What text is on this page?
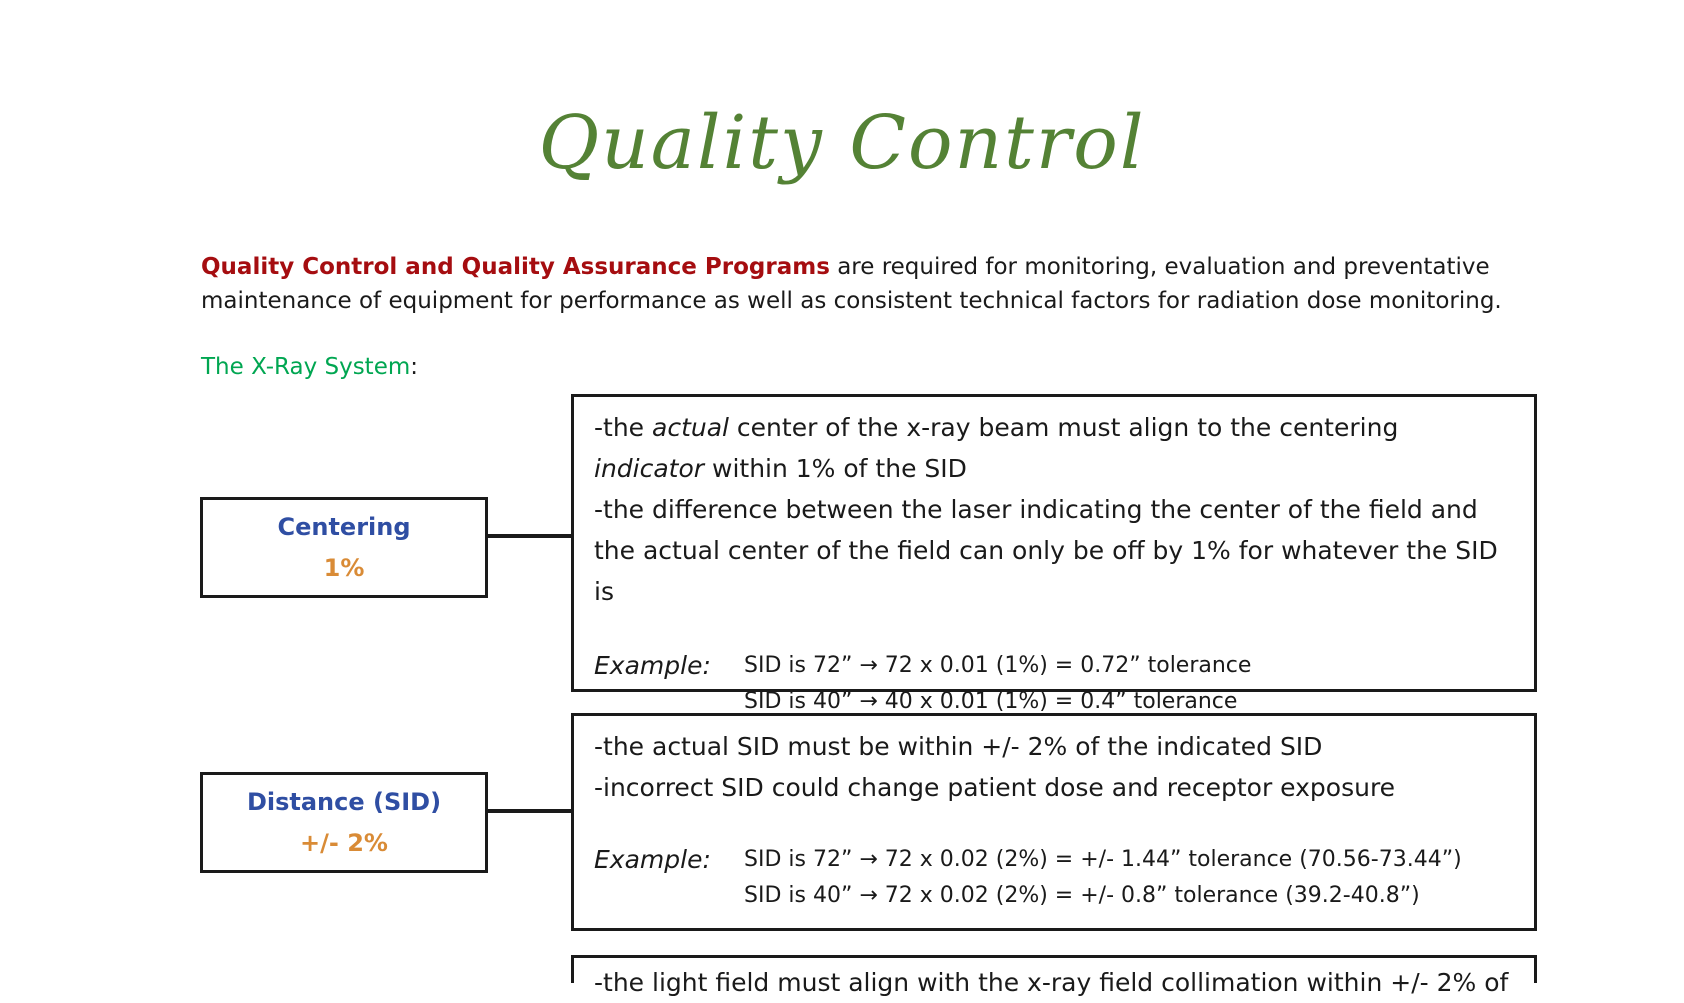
Quality Control

Quality Control and Quality Assurance Programs are required for monitoring, evaluation and preventative maintenance of equipment for performance as well as consistent technical factors for radiation dose monitoring.

The X-Ray System:

Centering
1%

-the actual center of the x-ray beam must align to the centering indicator within 1% of the SID

-the difference between the laser indicating the center of the field and the actual center of the field can only be off by 1% for whatever the SID is

Example:	SID is 72” → 72 x 0.01 (1%) = 0.72” tolerance
SID is 40” → 40 x 0.01 (1%) = 0.4” tolerance
Distance (SID)
+/- 2%

-the actual SID must be within +/- 2% of the indicated SID

-incorrect SID could change patient dose and receptor exposure

Example:	SID is 72” → 72 x 0.02 (2%) = +/- 1.44” tolerance (70.56-73.44”)
SID is 40” → 72 x 0.02 (2%) = +/- 0.8” tolerance (39.2-40.8”)

-the light field must align with the x-ray field collimation within +/- 2% of
